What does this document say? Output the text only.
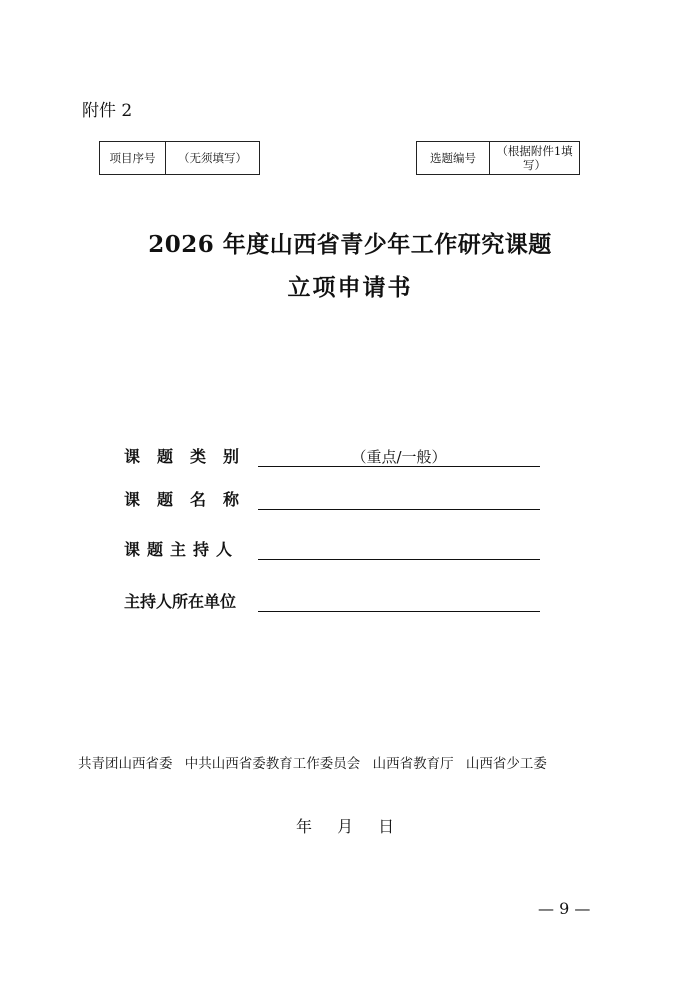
附件 2
项目序号	（无须填写）	选题编号	（根据附件1填写）
2026 年度山西省青少年工作研究课题
立项申请书
课题类别	（重点/一般）
课题名称
课题主持人
主持人所在单位
共青团山西省委 中共山西省委教育工作委员会 山西省教育厅 山西省少工委
年 月 日
— 9 —
